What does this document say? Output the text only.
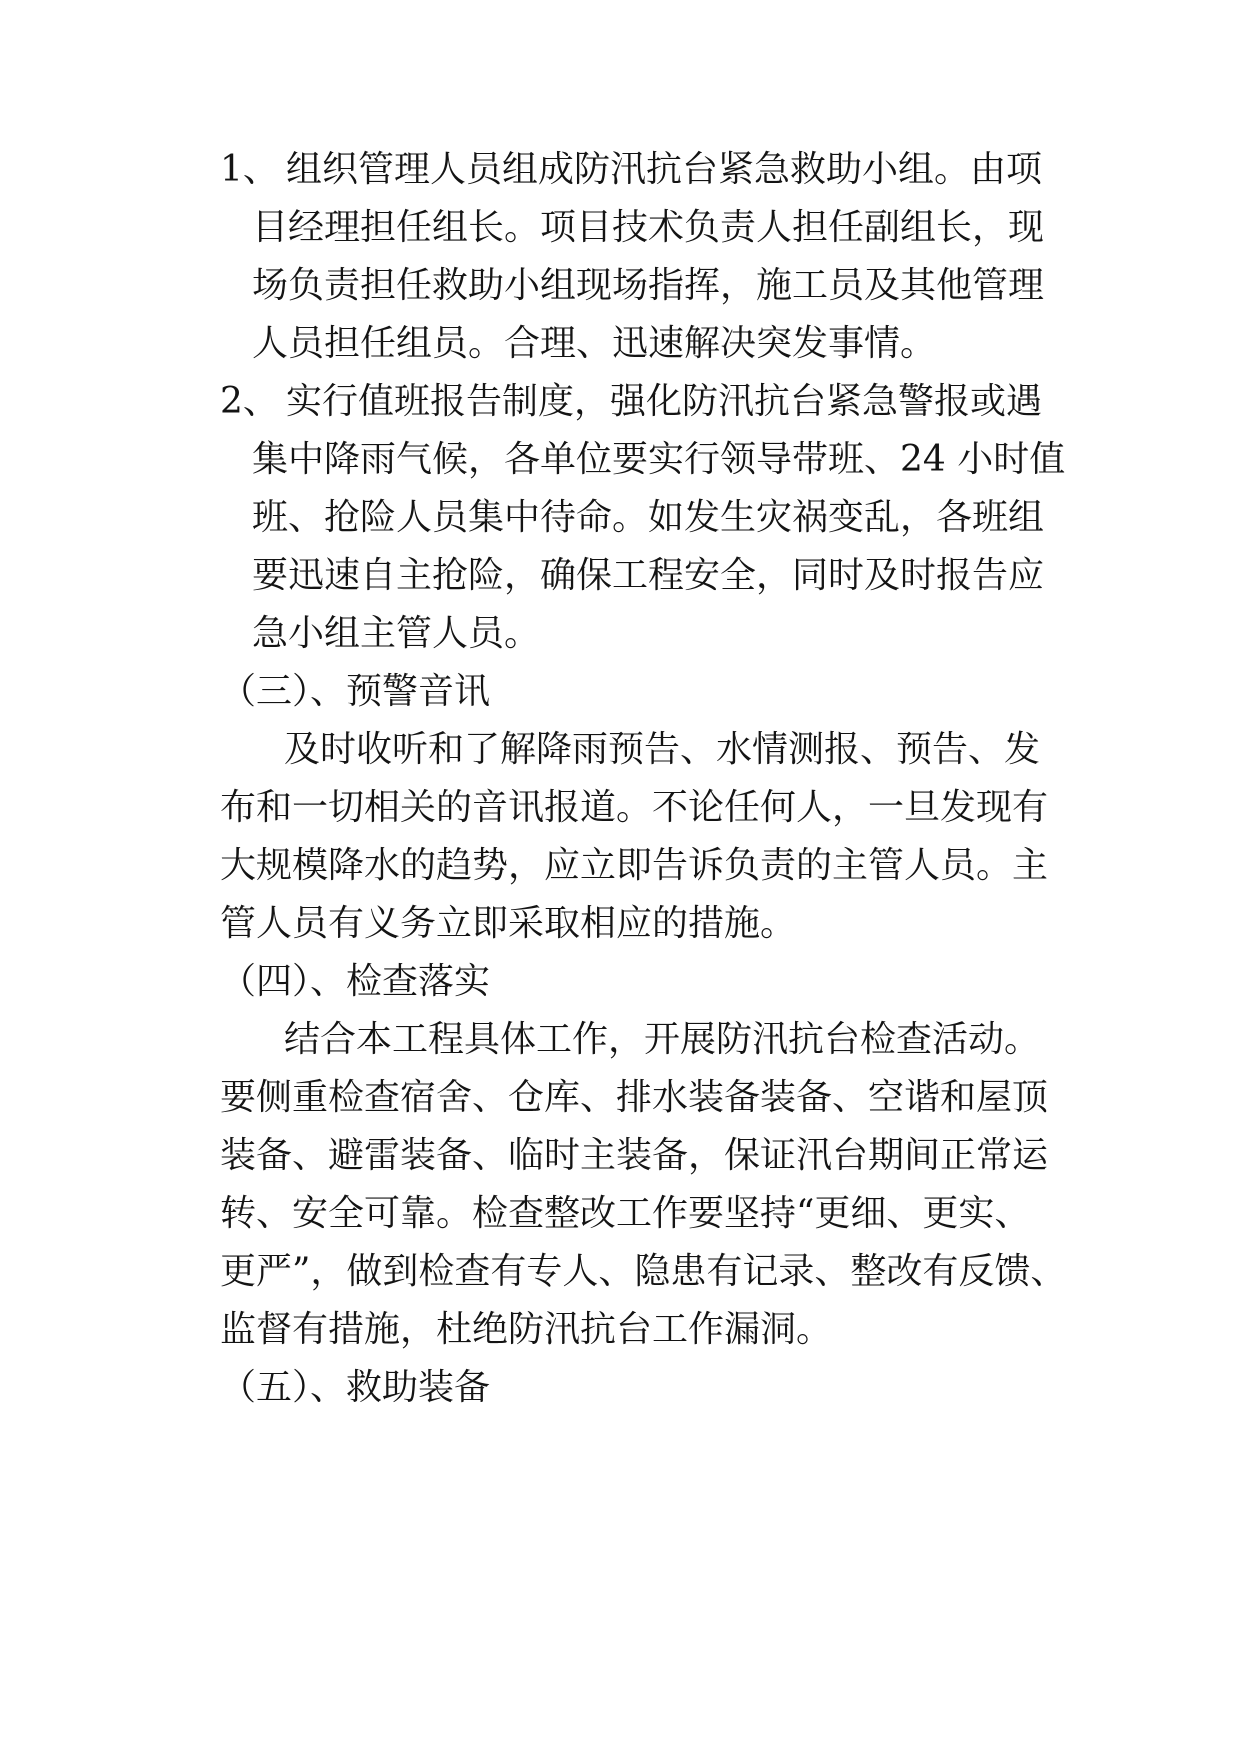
1、 组织管理人员组成防汛抗台紧急救助小组。由项
目经理担任组长。项目技术负责人担任副组长，现
场负责担任救助小组现场指挥，施工员及其他管理
人员担任组员。合理、迅速解决突发事情。
2、 实行值班报告制度，强化防汛抗台紧急警报或遇
集中降雨气候，各单位要实行领导带班、24 小时值
班、抢险人员集中待命。如发生灾祸变乱，各班组
要迅速自主抢险，确保工程安全，同时及时报告应
急小组主管人员。
（三）、预警音讯
及时收听和了解降雨预告、水情测报、预告、发
布和一切相关的音讯报道。不论任何人，一旦发现有
大规模降水的趋势，应立即告诉负责的主管人员。主
管人员有义务立即采取相应的措施。
（四）、检查落实
结合本工程具体工作，开展防汛抗台检查活动。
要侧重检查宿舍、仓库、排水装备装备、空谐和屋顶
装备、避雷装备、临时主装备，保证汛台期间正常运
转、安全可靠。检查整改工作要坚持“更细、更实、
更严”，做到检查有专人、隐患有记录、整改有反馈、
监督有措施，杜绝防汛抗台工作漏洞。
（五）、救助装备
